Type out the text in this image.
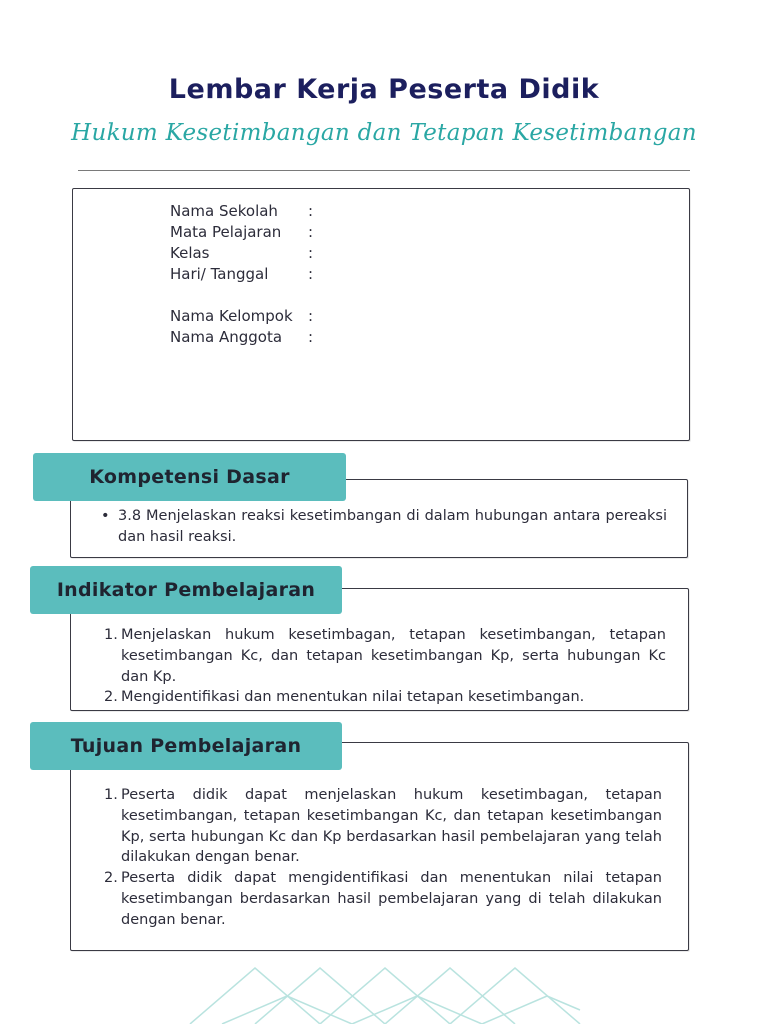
Lembar Kerja Peserta Didik
Hukum Kesetimbangan dan Tetapan Kesetimbangan
Nama Sekolah	:
Mata Pelajaran	:
Kelas	:
Hari/ Tanggal	:
Nama Kelompok	:
Nama Anggota	:
• 3.8 Menjelaskan reaksi kesetimbangan di dalam hubungan antara pereaksi dan hasil reaksi.
Kompetensi Dasar
1. Menjelaskan hukum kesetimbagan, tetapan kesetimbangan, tetapan kesetimbangan Kc, dan tetapan kesetimbangan Kp, serta hubungan Kc dan Kp.
2. Mengidentifikasi dan menentukan nilai tetapan kesetimbangan.
Indikator Pembelajaran
1. Peserta didik dapat menjelaskan hukum kesetimbagan, tetapan kesetimbangan, tetapan kesetimbangan Kc, dan tetapan kesetimbangan Kp, serta hubungan Kc dan Kp berdasarkan hasil pembelajaran yang telah dilakukan dengan benar.
2. Peserta didik dapat mengidentifikasi dan menentukan nilai tetapan kesetimbangan berdasarkan hasil pembelajaran yang di telah dilakukan dengan benar.
Tujuan Pembelajaran
